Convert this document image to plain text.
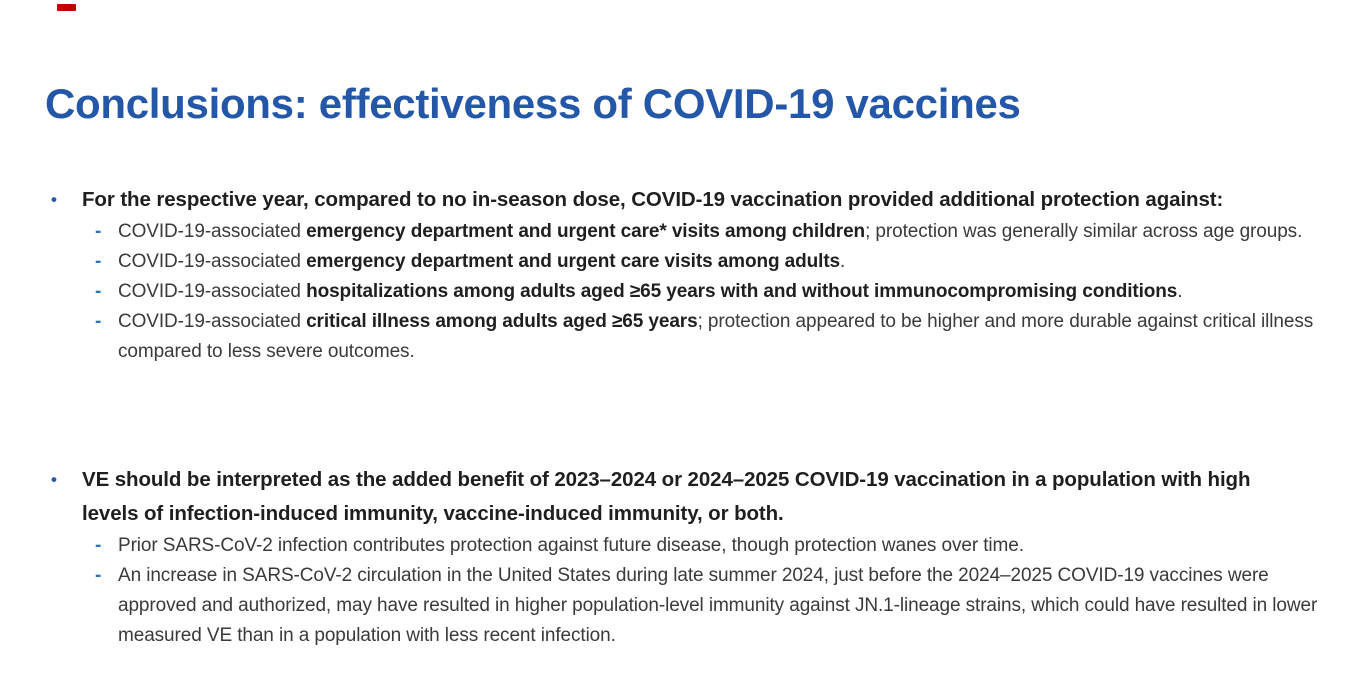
Conclusions: effectiveness of COVID-19 vaccines
•	For the respective year, compared to no in-season dose, COVID-19 vaccination provided additional protection against:

- COVID-19-associated emergency department and urgent care* visits among children; protection was generally similar across age groups.

- COVID-19-associated emergency department and urgent care visits among adults.

- COVID-19-associated hospitalizations among adults aged ≥65 years with and without immunocompromising conditions.

- COVID-19-associated critical illness among adults aged ≥65 years; protection appeared to be higher and more durable against critical illness compared to less severe outcomes.

•	VE should be interpreted as the added benefit of 2023–2024 or 2024–2025 COVID-19 vaccination in a population with high levels of infection-induced immunity, vaccine-induced immunity, or both.

- Prior SARS-CoV-2 infection contributes protection against future disease, though protection wanes over time.

- An increase in SARS-CoV-2 circulation in the United States during late summer 2024, just before the 2024–2025 COVID-19 vaccines were approved and authorized, may have resulted in higher population-level immunity against JN.1-lineage strains, which could have resulted in lower measured VE than in a population with less recent infection.
